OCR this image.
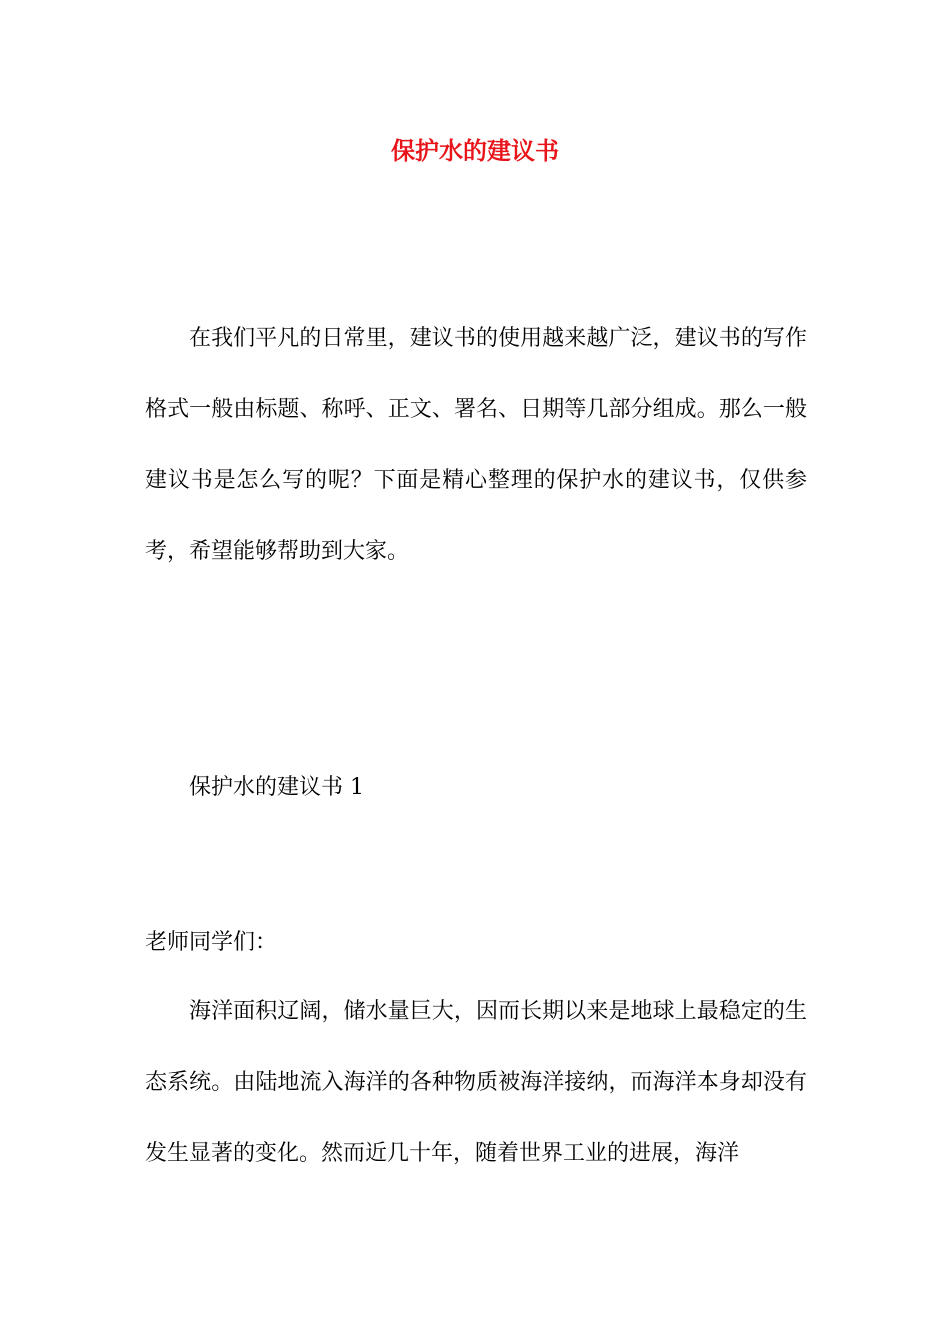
保护水的建议书

在我们平凡的日常里，建议书的使用越来越广泛，建议书的写作格式一般由标题、称呼、正文、署名、日期等几部分组成。那么一般建议书是怎么写的呢？下面是精心整理的保护水的建议书，仅供参考，希望能够帮助到大家。

保护水的建议书 1

老师同学们：

海洋面积辽阔，储水量巨大，因而长期以来是地球上最稳定的生态系统。由陆地流入海洋的各种物质被海洋接纳，而海洋本身却没有发生显著的变化。然而近几十年，随着世界工业的进展，海洋
